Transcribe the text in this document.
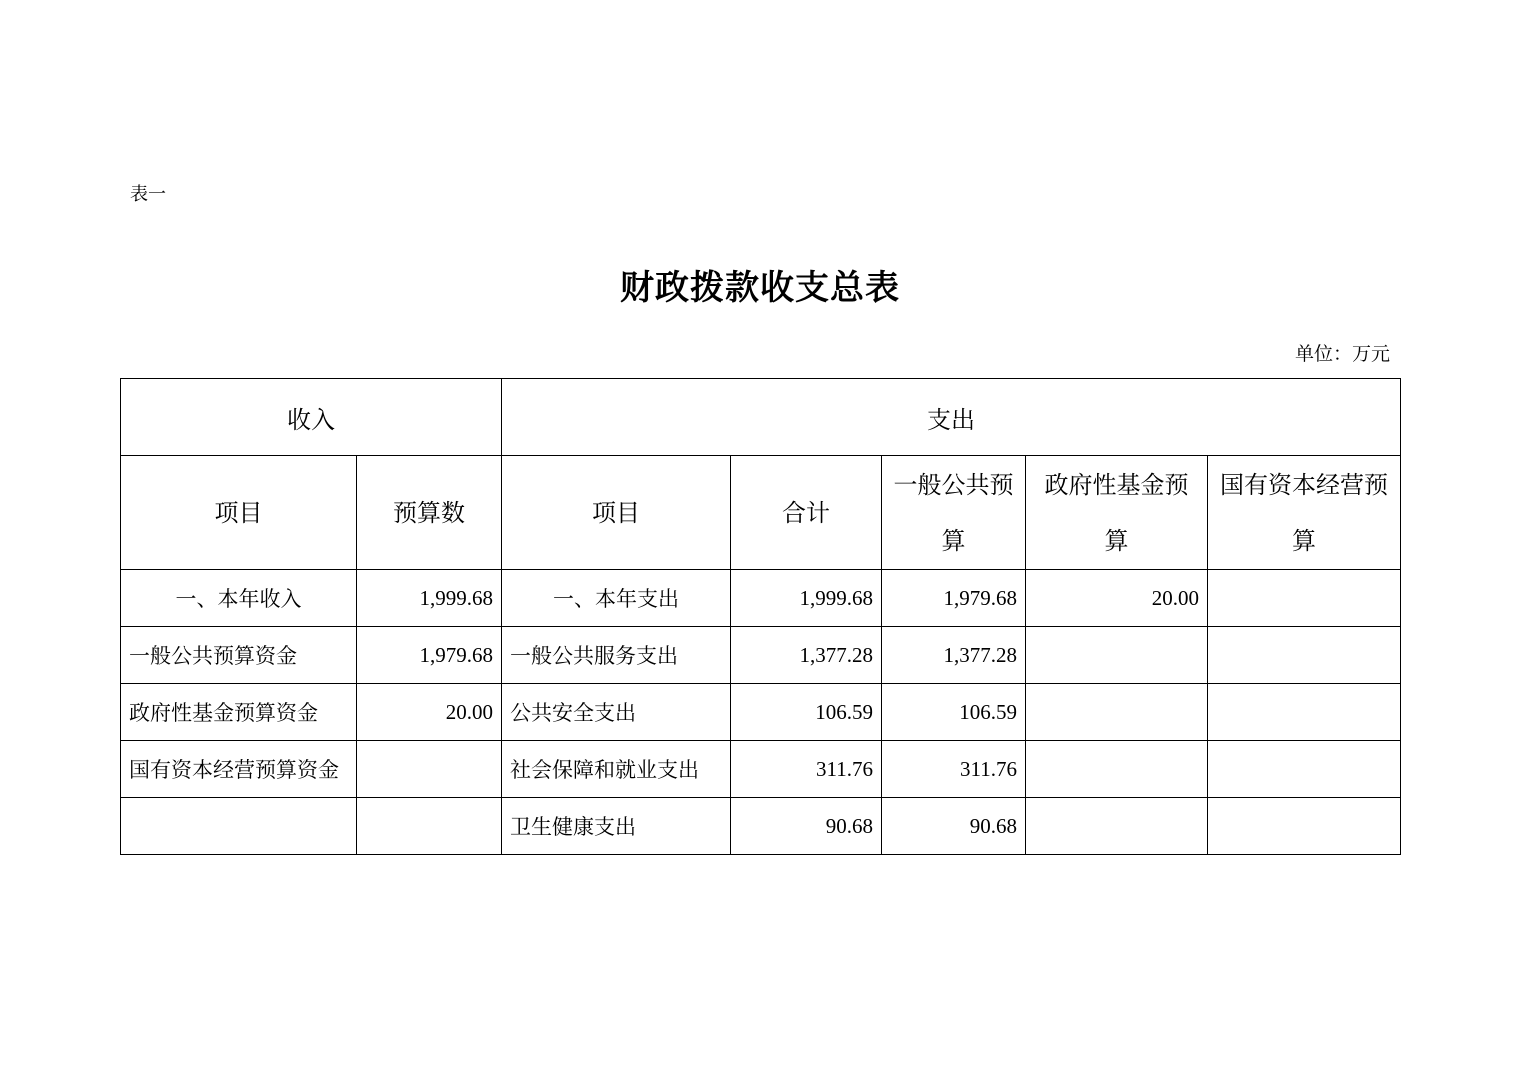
表一
财政拨款收支总表
单位：万元
收入		支出				
项目	预算数	项目	合计	一般公共预算	政府性基金预算	国有资本经营预算
一、本年收入	1,999.68	一、本年支出	1,999.68	1,979.68	20.00	
一般公共预算资金	1,979.68	一般公共服务支出	1,377.28	1,377.28		
政府性基金预算资金	20.00	公共安全支出	106.59	106.59		
国有资本经营预算资金		社会保障和就业支出	311.76	311.76		
		卫生健康支出	90.68	90.68		
